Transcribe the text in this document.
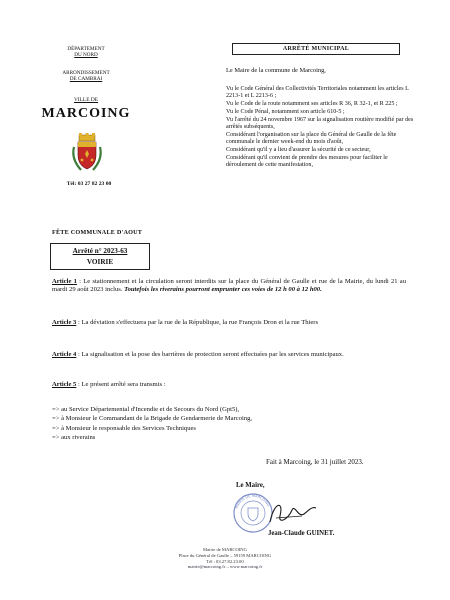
DÉPARTEMENT
DU NORD
ARRONDISSEMENT
DE CAMBRAI
VILLE DE
MARCOING
Tél: 03 27 82 23 00
ARRÊTÉ MUNICIPAL
Le Maire de la commune de Marcoing,

Vu le Code Général des Collectivités Territoriales notamment les articles L 2213-1 et L 2213-6 ;

Vu le Code de la route notamment ses articles R 36, R 32-1, et R 225 ;

Vu le Code Pénal, notamment son article 610-5 ;

Vu l'arrêté du 24 novembre 1967 sur la signalisation routière modifié par des arrêtés subséquents,

Considérant l'organisation sur la place du Général de Gaulle de la fête communale le dernier week-end du mois d'août,

Considérant qu'il y a lieu d'assurer la sécurité de ce secteur,

Considérant qu'il convient de prendre des mesures pour faciliter le déroulement de cette manifestation,

FÊTE COMMUNALE D'AOUT
Arrêté n° 2023-63
VOIRIE
Article 1 : Le stationnement et la circulation seront interdits sur la place du Général de Gaulle et rue de la Mairie, du lundi 21 au mardi 29 août 2023 inclus. Toutefois les riverains pourront emprunter ces voies de 12 h 00 à 12 h00.
Article 3 : La déviation s'effectuera par la rue de la République, la rue François Dron et la rue Thiers
Article 4 : La signalisation et la pose des barrières de protection seront effectuées par les services municipaux.
Article 5 : Le présent arrêté sera transmis :
=> au Service Départemental d'Incendie et de Secours du Nord (Gpt5),
=> à Monsieur le Commandant de la Brigade de Gendarmerie de Marcoing,
=> à Monsieur le responsable des Services Techniques
=> aux riverains
Fait à Marcoing, le 31 juillet 2023.
Le Maire,
MAIRIE DE MARCOING
Jean-Claude GUINET.
Mairie de MARCOING
Place du Général de Gaulle – 59159 MARCOING
Tél : 03.27.82.23.00
mairie@marcoing.fr – www.marcoing.fr
